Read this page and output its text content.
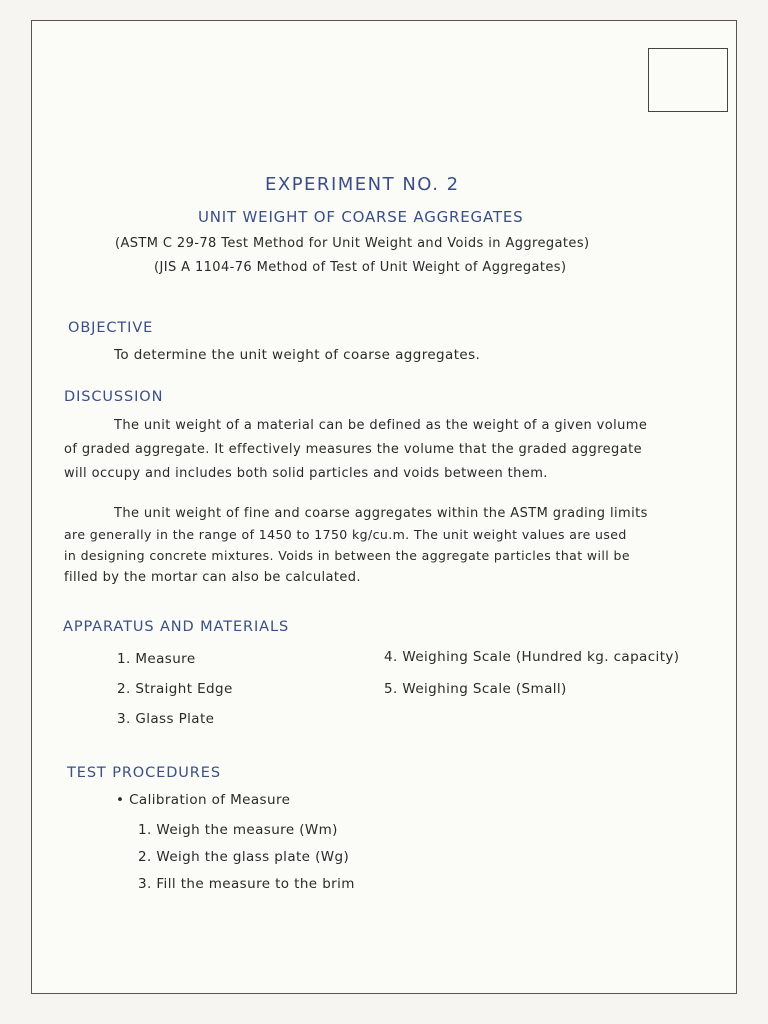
EXPERIMENT NO. 2
UNIT WEIGHT OF COARSE AGGREGATES
(ASTM C 29-78 Test Method for Unit Weight and Voids in Aggregates)
(JIS A 1104-76 Method of Test of Unit Weight of Aggregates)
OBJECTIVE
To determine the unit weight of coarse aggregates.
DISCUSSION
The unit weight of a material can be defined as the weight of a given volume
of graded aggregate. It effectively measures the volume that the graded aggregate
will occupy and includes both solid particles and voids between them.
The unit weight of fine and coarse aggregates within the ASTM grading limits
are generally in the range of 1450 to 1750 kg/cu.m. The unit weight values are used
in designing concrete mixtures. Voids in between the aggregate particles that will be
filled by the mortar can also be calculated.
APPARATUS AND MATERIALS
1. Measure
2. Straight Edge
3. Glass Plate
4. Weighing Scale (Hundred kg. capacity)
5. Weighing Scale (Small)
TEST PROCEDURES
• Calibration of Measure
1. Weigh the measure (Wm)
2. Weigh the glass plate (Wg)
3. Fill the measure to the brim
